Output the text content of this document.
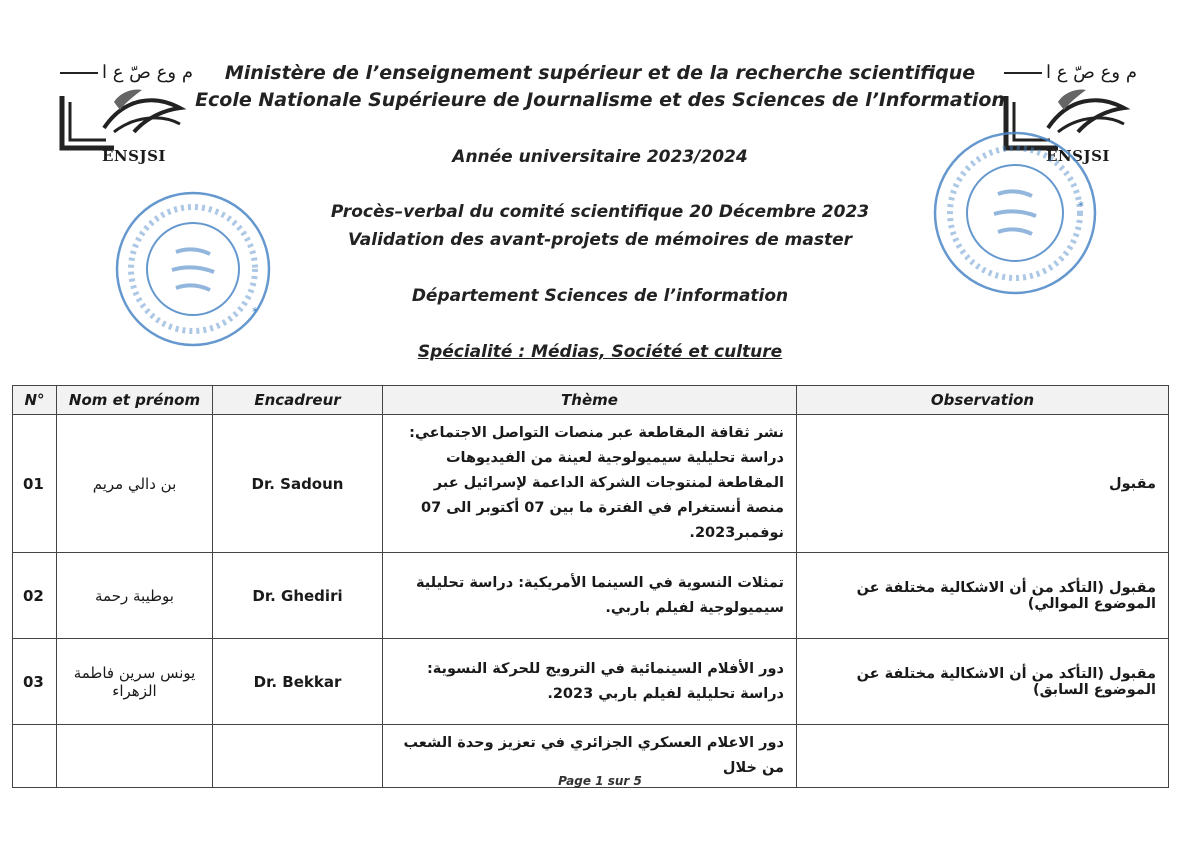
م وع صّ ع ا
ENSJSI
م وع صّ ع ا
ENSJSI
*
*
Ministère de l’enseignement supérieur et de la recherche scientifique
Ecole Nationale Supérieure de Journalisme et des Sciences de l’Information
Année universitaire 2023/2024
Procès–verbal du comité scientifique 20 Décembre 2023
Validation des avant-projets de mémoires de master
Département Sciences de l’information
Spécialité : Médias, Société et culture
N°	Nom et prénom	Encadreur	Thème	Observation
01	بن دالي مريم	Dr. Sadoun	نشر ثقافة المقاطعة عبر منصات التواصل الاجتماعي: دراسة تحليلية سيميولوجية لعينة من الفيديوهات المقاطعة لمنتوجات الشركة الداعمة لإسرائيل عبر منصة أنستغرام في الفترة ما بين 07 أكتوبر الى 07 نوفمبر2023.	مقبول
02	بوطيبة رحمة	Dr. Ghediri	تمثلات النسوية في السينما الأمريكية: دراسة تحليلية سيميولوجية لفيلم باربي.	مقبول (التأكد من أن الاشكالية مختلفة عن الموضوع الموالي)
03	يونس سرين فاطمة الزهراء	Dr. Bekkar	دور الأفلام السينمائية في الترويج للحركة النسوية: دراسة تحليلية لفيلم باربي 2023.	مقبول (التأكد من أن الاشكالية مختلفة عن الموضوع السابق)
			دور الاعلام العسكري الجزائري في تعزيز وحدة الشعب من خلال	
Page 1 sur 5
